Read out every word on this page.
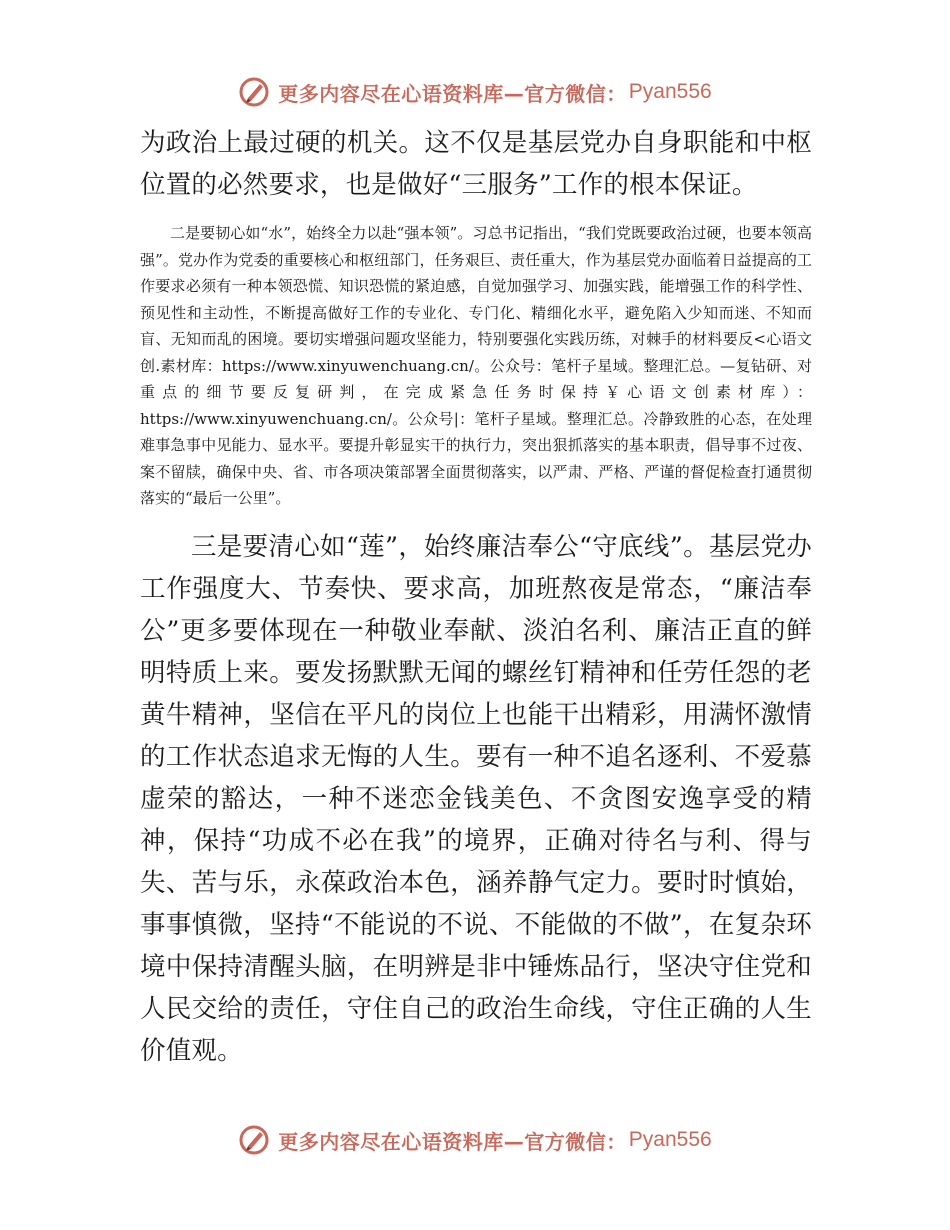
更多内容尽在心语资料库—官方微信： Pyan556

为政治上最过硬的机关。这不仅是基层党办自身职能和中枢位置的必然要求，也是做好“三服务”工作的根本保证。

二是要韧心如“水”，始终全力以赴“强本领”。习总书记指出，“我们党既要政治过硬，也要本领高强”。党办作为党委的重要核心和枢纽部门，任务艰巨、责任重大，作为基层党办面临着日益提高的工作要求必须有一种本领恐慌、知识恐慌的紧迫感，自觉加强学习、加强实践，能增强工作的科学性、预见性和主动性，不断提高做好工作的专业化、专门化、精细化水平，避免陷入少知而迷、不知而盲、无知而乱的困境。要切实增强问题攻坚能力，特别要强化实践历练，对棘手的材料要反<心语文创.素材库：https://www.xinyuwenchuang.cn/。公众号：笔杆子星域。整理汇总。—复钻研、对重点的细节要反复研判，在完成紧急任务时保持￥心语文创素材库）：https://www.xinyuwenchuang.cn/。公众号|：笔杆子星域。整理汇总。冷静致胜的心态，在处理难事急事中见能力、显水平。要提升彰显实干的执行力，突出狠抓落实的基本职责，倡导事不过夜、案不留牍，确保中央、省、市各项决策部署全面贯彻落实，以严肃、严格、严谨的督促检查打通贯彻落实的“最后一公里”。

三是要清心如“莲”，始终廉洁奉公“守底线”。基层党办工作强度大、节奏快、要求高，加班熬夜是常态，“廉洁奉公”更多要体现在一种敬业奉献、淡泊名利、廉洁正直的鲜明特质上来。要发扬默默无闻的螺丝钉精神和任劳任怨的老黄牛精神，坚信在平凡的岗位上也能干出精彩，用满怀激情的工作状态追求无悔的人生。要有一种不追名逐利、不爱慕虚荣的豁达，一种不迷恋金钱美色、不贪图安逸享受的精神，保持“功成不必在我”的境界，正确对待名与利、得与失、苦与乐，永葆政治本色，涵养静气定力。要时时慎始，事事慎微，坚持“不能说的不说、不能做的不做”，在复杂环境中保持清醒头脑，在明辨是非中锤炼品行，坚决守住党和人民交给的责任，守住自己的政治生命线，守住正确的人生价值观。

更多内容尽在心语资料库—官方微信： Pyan556
